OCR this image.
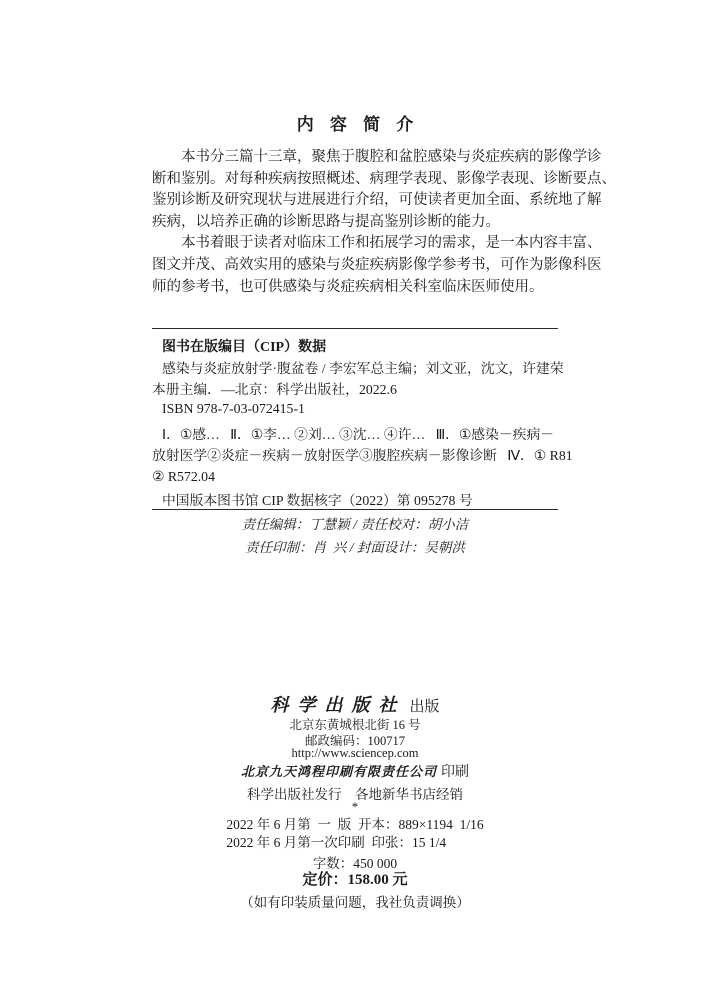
内容简介
本书分三篇十三章，聚焦于腹腔和盆腔感染与炎症疾病的影像学诊
断和鉴别。对每种疾病按照概述、病理学表现、影像学表现、诊断要点、
鉴别诊断及研究现状与进展进行介绍，可使读者更加全面、系统地了解
疾病，以培养正确的诊断思路与提高鉴别诊断的能力。
本书着眼于读者对临床工作和拓展学习的需求，是一本内容丰富、
图文并茂、高效实用的感染与炎症疾病影像学参考书，可作为影像科医
师的参考书，也可供感染与炎症疾病相关科室临床医师使用。
图书在版编目（CIP）数据
感染与炎症放射学·腹盆卷 / 李宏军总主编；刘文亚，沈文，许建荣
本册主编．—北京：科学出版社，2022.6
ISBN 978-7-03-072415-1
Ⅰ．①感…   Ⅱ．①李… ②刘… ③沈… ④许…   Ⅲ．①感染－疾病－
放射医学②炎症－疾病－放射医学③腹腔疾病－影像诊断   Ⅳ．① R81
② R572.04
中国版本图书馆 CIP 数据核字（2022）第 095278 号
责任编辑：丁慧颖 / 责任校对：胡小洁
责任印制：肖  兴 / 封面设计：吴朝洪
科学出版社 出版
北京东黄城根北街 16 号
邮政编码：100717
http://www.sciencep.com
北京九天鸿程印刷有限责任公司 印刷
科学出版社发行    各地新华书店经销
*
2022 年 6 月第  一  版  开本：889×1194  1/16
2022 年 6 月第一次印刷  印张：15 1/4
字数：450 000
定价：158.00 元
（如有印装质量问题，我社负责调换）
